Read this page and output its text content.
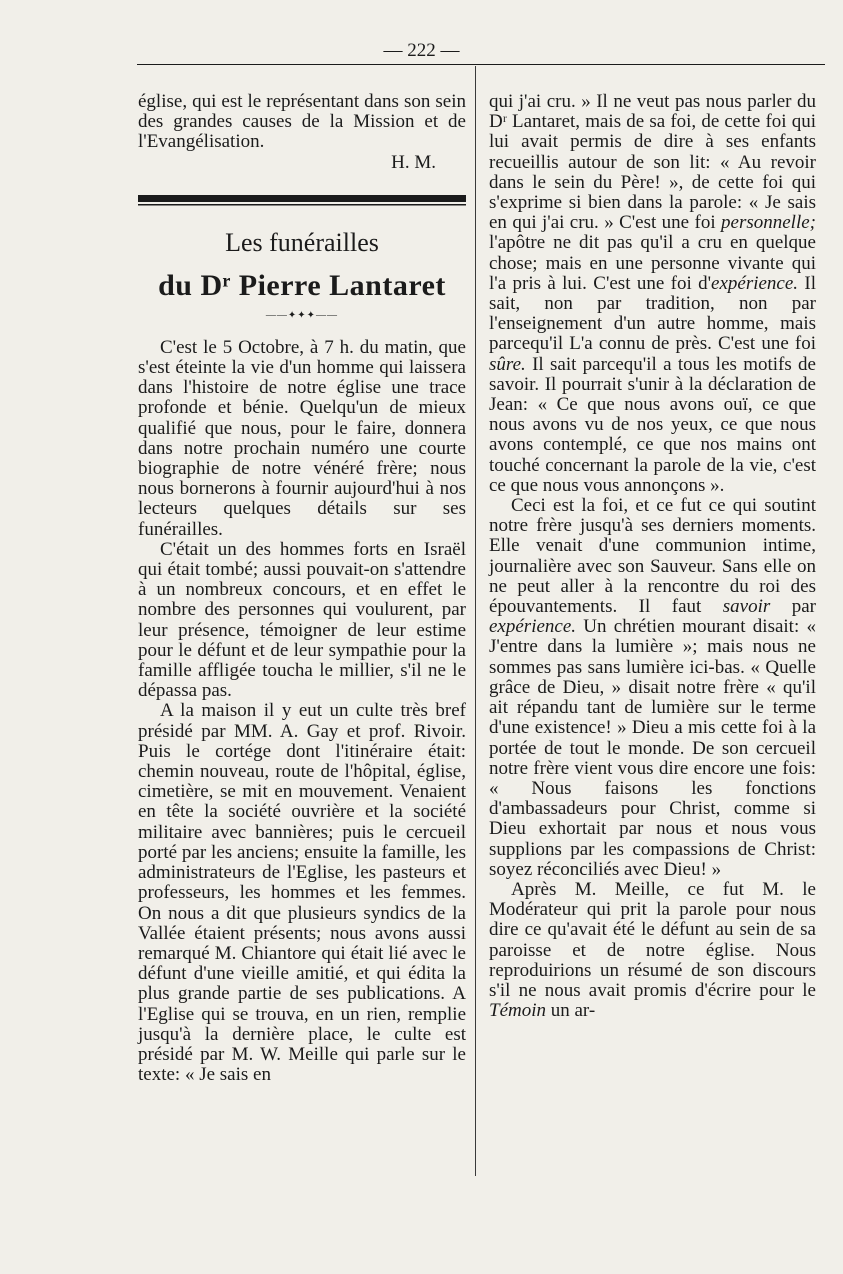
— 222 —

église, qui est le représentant dans son sein des grandes causes de la Mission et de l'Evangélisation.

H. M.

Les funérailles
du Dʳ Pierre Lantaret
——✦✦✦——

C'est le 5 Octobre, à 7 h. du matin, que s'est éteinte la vie d'un homme qui laissera dans l'histoire de notre église une trace profonde et bénie. Quelqu'un de mieux qualifié que nous, pour le faire, donnera dans notre prochain numéro une courte biographie de notre vénéré frère; nous nous bornerons à fournir aujourd'hui à nos lecteurs quelques détails sur ses funérailles.

C'était un des hommes forts en Israël qui était tombé; aussi pouvait-on s'attendre à un nombreux concours, et en effet le nombre des personnes qui voulurent, par leur présence, témoigner de leur estime pour le défunt et de leur sympathie pour la famille affligée toucha le millier, s'il ne le dépassa pas.

A la maison il y eut un culte très bref présidé par MM. A. Gay et prof. Rivoir. Puis le cortége dont l'itinéraire était: chemin nouveau, route de l'hôpital, église, cimetière, se mit en mouvement. Venaient en tête la société ouvrière et la société militaire avec bannières; puis le cercueil porté par les anciens; ensuite la famille, les administrateurs de l'Eglise, les pasteurs et professeurs, les hommes et les femmes. On nous a dit que plusieurs syndics de la Vallée étaient présents; nous avons aussi remarqué M. Chiantore qui était lié avec le défunt d'une vieille amitié, et qui édita la plus grande partie de ses publications. A l'Eglise qui se trouva, en un rien, remplie jusqu'à la dernière place, le culte est présidé par M. W. Meille qui parle sur le texte: « Je sais en

qui j'ai cru. » Il ne veut pas nous parler du Dʳ Lantaret, mais de sa foi, de cette foi qui lui avait permis de dire à ses enfants recueillis autour de son lit: « Au revoir dans le sein du Père! », de cette foi qui s'exprime si bien dans la parole: « Je sais en qui j'ai cru. » C'est une foi personnelle; l'apôtre ne dit pas qu'il a cru en quelque chose; mais en une personne vivante qui l'a pris à lui. C'est une foi d'expérience. Il sait, non par tradition, non par l'enseignement d'un autre homme, mais parcequ'il L'a connu de près. C'est une foi sûre. Il sait parcequ'il a tous les motifs de savoir. Il pourrait s'unir à la déclaration de Jean: « Ce que nous avons ouï, ce que nous avons vu de nos yeux, ce que nous avons contemplé, ce que nos mains ont touché concernant la parole de la vie, c'est ce que nous vous annonçons ».

Ceci est la foi, et ce fut ce qui soutint notre frère jusqu'à ses derniers moments. Elle venait d'une communion intime, journalière avec son Sauveur. Sans elle on ne peut aller à la rencontre du roi des épouvantements. Il faut savoir par expérience. Un chrétien mourant disait: « J'entre dans la lumière »; mais nous ne sommes pas sans lumière ici-bas. « Quelle grâce de Dieu, » disait notre frère « qu'il ait répandu tant de lumière sur le terme d'une existence! » Dieu a mis cette foi à la portée de tout le monde. De son cercueil notre frère vient vous dire encore une fois: « Nous faisons les fonctions d'ambassadeurs pour Christ, comme si Dieu exhortait par nous et nous vous supplions par les compassions de Christ: soyez réconciliés avec Dieu! »

Après M. Meille, ce fut M. le Modérateur qui prit la parole pour nous dire ce qu'avait été le défunt au sein de sa paroisse et de notre église. Nous reproduirions un résumé de son discours s'il ne nous avait promis d'écrire pour le Témoin un ar-
